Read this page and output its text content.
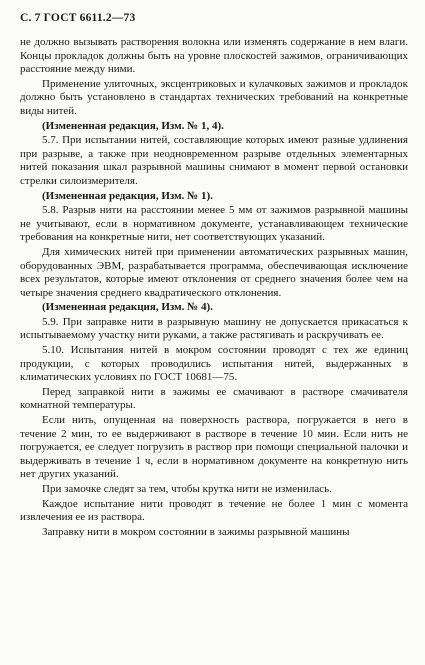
С. 7 ГОСТ 6611.2—73

не должно вызывать растворения волокна или изменять содержание в нем влаги. Концы прокладок должны быть на уровне плоскостей зажимов, ограничивающих расстояние между ними.

Применение улиточных, эксцентриковых и кулачковых зажимов и прокладок должно быть установлено в стандартах технических требований на конкретные виды нитей.

(Измененная редакция, Изм. № 1, 4).

5.7. При испытании нитей, составляющие которых имеют разные удлинения при разрыве, а также при неодновременном разрыве отдельных элементарных нитей показания шкал разрывной машины снимают в момент первой остановки стрелки силоизмерителя.

(Измененная редакция, Изм. № 1).

5.8. Разрыв нити на расстоянии менее 5 мм от зажимов разрывной машины не учитывают, если в нормативном документе, устанавливающем технические требования на конкретные нити, нет соответствующих указаний.

Для химических нитей при применении автоматических разрывных машин, оборудованных ЭВМ, разрабатывается программа, обеспечивающая исключение всех результатов, которые имеют отклонения от среднего значения более чем на четыре значения среднего квадратического отклонения.

(Измененная редакция, Изм. № 4).

5.9. При заправке нити в разрывную машину не допускается прикасаться к испытываемому участку нити руками, а также растягивать и раскручивать ее.

5.10. Испытания нитей в мокром состоянии проводят с тех же единиц продукции, с которых проводились испытания нитей, выдержанных в климатических условиях по ГОСТ 10681—75.

Перед заправкой нити в зажимы ее смачивают в растворе смачивателя комнатной температуры.

Если нить, опущенная на поверхность раствора, погружается в него в течение 2 мин, то ее выдерживают в растворе в течение 10 мин. Если нить не погружается, ее следует погрузить в раствор при помощи специальной палочки и выдерживать в течение 1 ч, если в нормативном документе на конкретную нить нет других указаний.

При замочке следят за тем, чтобы крутка нити не изменилась.

Каждое испытание нити проводят в течение не более 1 мин с момента извлечения ее из раствора.

Заправку нити в мокром состоянии в зажимы разрывной машины
